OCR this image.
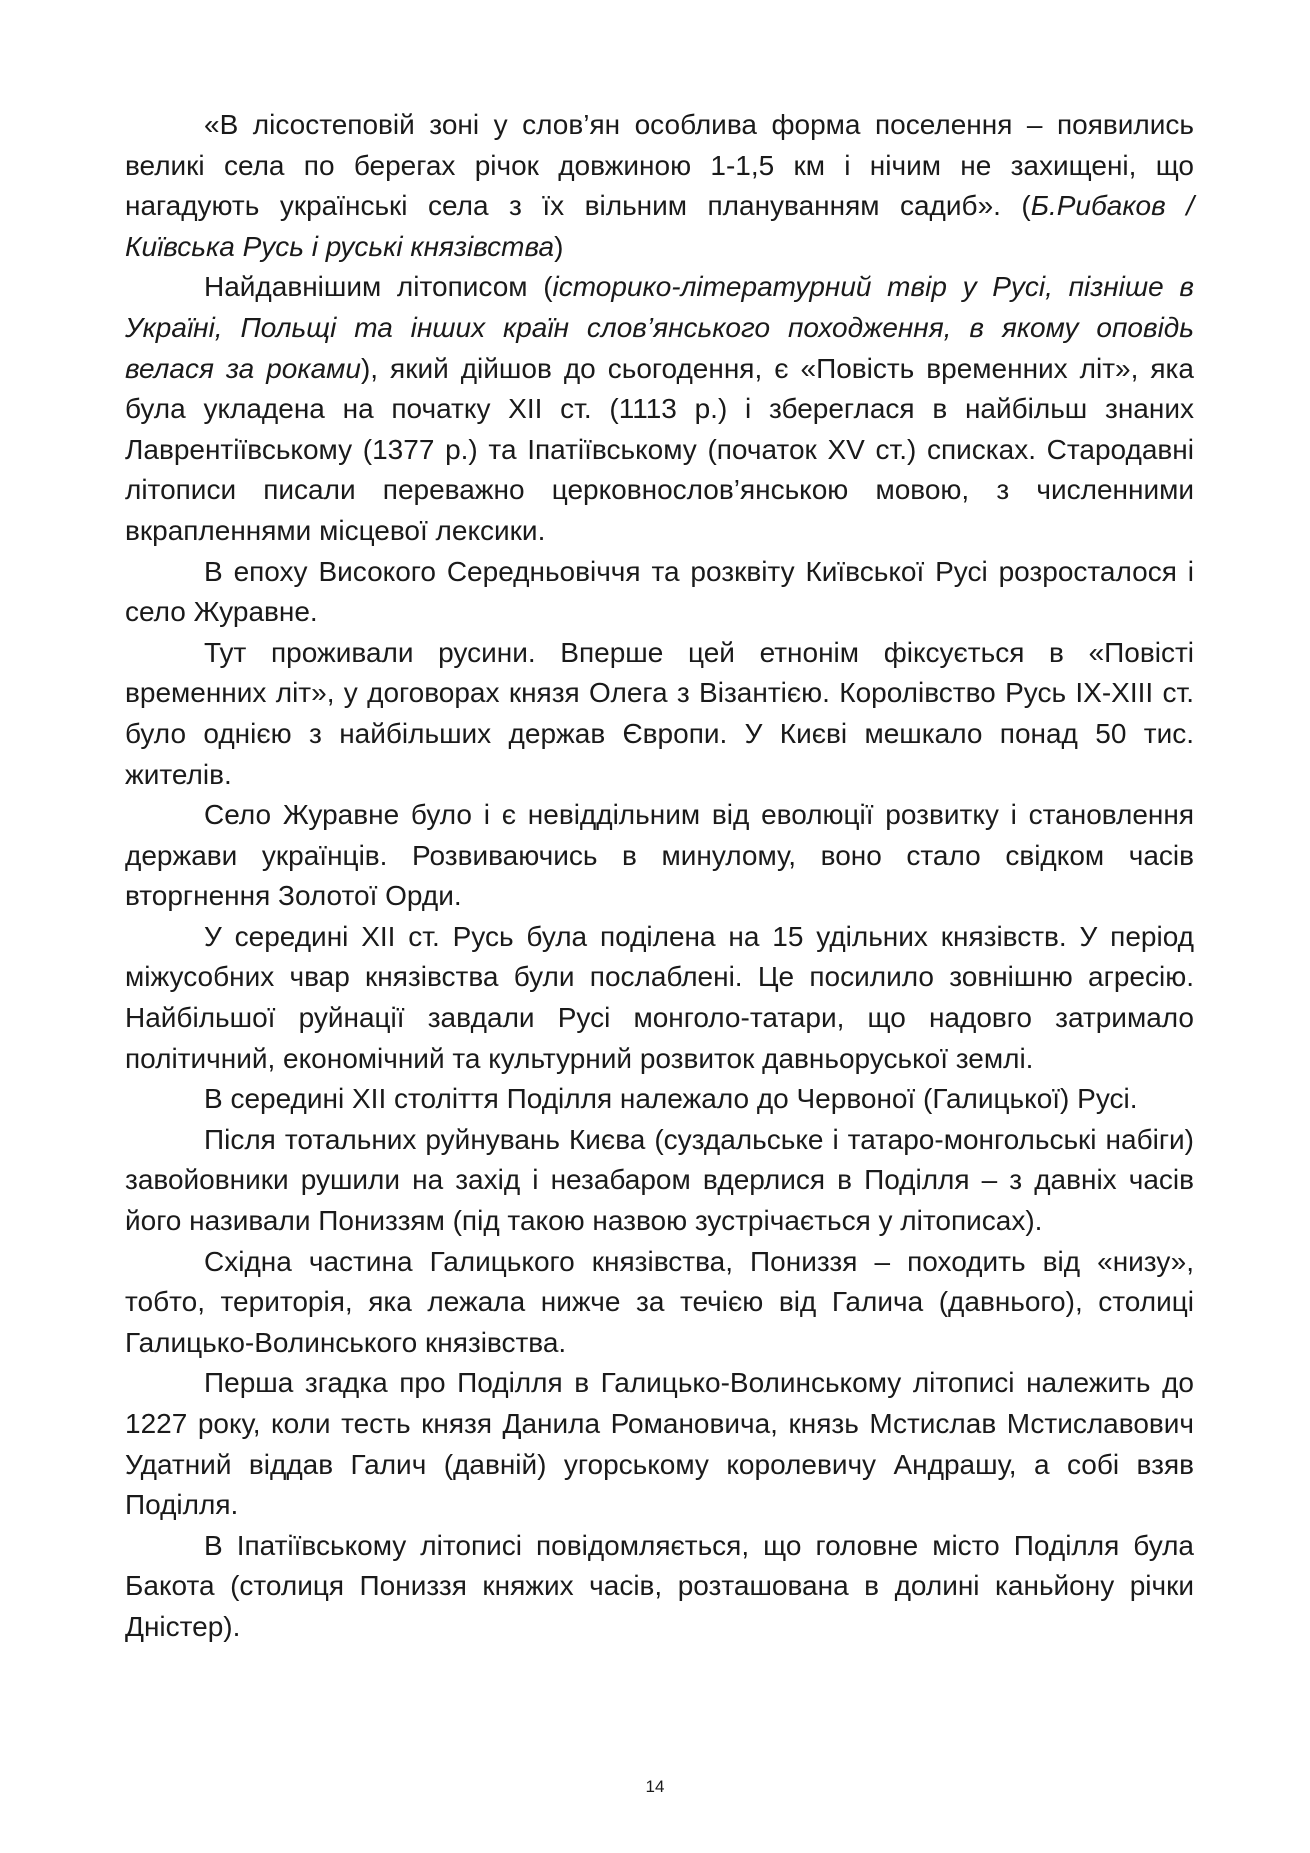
«В лісостеповій зоні у слов’ян особлива форма поселення – появились великі села по берегах річок довжиною 1-1,5 км і нічим не захищені, що нагадують українські села з їх вільним плануванням садиб». (Б.Рибаков / Київська Русь і руські князівства)

Найдавнішим літописом (історико-літературний твір у Русі, пізніше в Україні, Польщі та інших країн слов’янського походження, в якому оповідь велася за роками), який дійшов до сьогодення, є «Повість временних літ», яка була укладена на початку XII ст. (1113 р.) і збереглася в найбільш знаних Лаврентіївському (1377 р.) та Іпатіївському (початок XV ст.) списках. Стародавні літописи писали переважно церковнослов’янською мовою, з численними вкрапленнями місцевої лексики.

В епоху Високого Середньовіччя та розквіту Київської Русі розросталося і село Журавне.

Тут проживали русини. Вперше цей етнонім фіксується в «Повісті временних літ», у договорах князя Олега з Візантією. Королівство Русь IX-XIII ст. було однією з найбільших держав Європи. У Києві мешкало понад 50 тис. жителів.

Село Журавне було і є невіддільним від еволюції розвитку і становлення держави українців. Розвиваючись в минулому, воно стало свідком часів вторгнення Золотої Орди.

У середині XII ст. Русь була поділена на 15 удільних князівств. У період міжусобних чвар князівства були послаблені. Це посилило зовнішню агресію. Найбільшої руйнації завдали Русі монголо-татари, що надовго затримало політичний, економічний та культурний розвиток давньоруської землі.

В середині XII століття Поділля належало до Червоної (Галицької) Русі.

Після тотальних руйнувань Києва (суздальське і татаро-монгольські набіги) завойовники рушили на захід і незабаром вдерлися в Поділля – з давніх часів його називали Пониззям (під такою назвою зустрічається у літописах).

Східна частина Галицького князівства, Пониззя – походить від «низу», тобто, територія, яка лежала нижче за течією від Галича (давнього), столиці Галицько-Волинського князівства.

Перша згадка про Поділля в Галицько-Волинському літописі належить до 1227 року, коли тесть князя Данила Романовича, князь Мстислав Мстиславович Удатний віддав Галич (давній) угорському королевичу Андрашу, а собі взяв Поділля.

В Іпатіївському літописі повідомляється, що головне місто Поділля була Бакота (столиця Пониззя княжих часів, розташована в долині каньйону річки Дністер).

14
